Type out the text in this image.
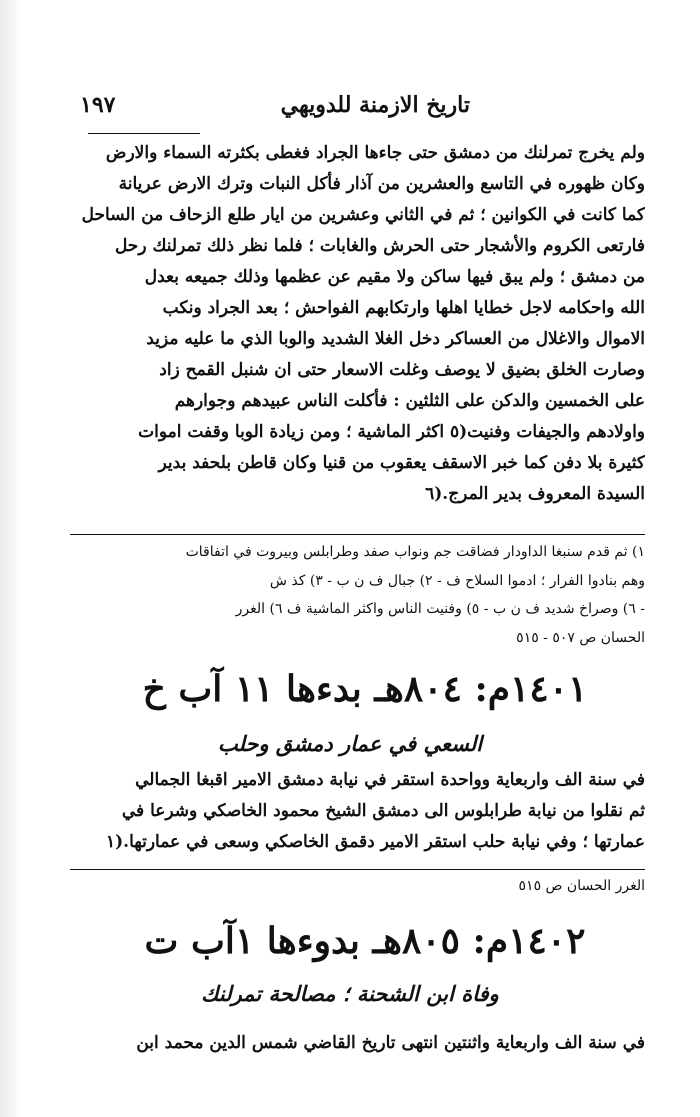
تاريخ الازمنة للدويهي
١٩٧
ولم يخرج تمرلنك من دمشق حتى جاءها الجراد فغطى بكثرته السماء والارض
وكان ظهوره في التاسع والعشرين من آذار فأكل النبات وترك الارض عريانة
كما كانت في الكوانين ؛ ثم في الثاني وعشرين من ايار طلع الزحاف من الساحل
فارتعى الكروم والأشجار حتى الحرش والغابات ؛ فلما نظر ذلك تمرلنك رحل
من دمشق ؛ ولم يبق فيها ساكن ولا مقيم عن عظمها وذلك جميعه بعدل
الله واحكامه لاجل خطايا اهلها وارتكابهم الفواحش ؛ بعد الجراد ونكب
الاموال والاغلال من العساكر دخل الغلا الشديد والوبا الذي ما عليه مزيد
وصارت الخلق بضيق لا يوصف وغلت الاسعار حتى ان شنبل القمح زاد
على الخمسين والدكن على الثلثين : فأكلت الناس عبيدهم وجوارهم
واولادهم والجيفات وفنيت(٥ اكثر الماشية ؛ ومن زيادة الوبا وقفت اموات
كثيرة بلا دفن كما خبر الاسقف يعقوب من قنيا وكان قاطن بلحفد بدير
السيدة المعروف بدير المرج.(٦
١) ثم قدم سنبغا الداودار فضاقت جم ونواب صفد وطرابلس وبيروت في اتفاقات
وهم بنادوا الفرار ؛ ادموا السلاح ف - ٢) جبال ف ن ب - ٣) كذ ش
- ٦) وصراخ شديد ف ن ب - ٥) وفنيت الناس واكثر الماشية ف ٦) الغرر
الحسان ص ٥٠٧ - ٥١٥
١٤٠١م: ٨٠٤هـ بدءها ١١ آب خ
السعي في عمار دمشق وحلب
في سنة الف واربعاية وواحدة استقر في نيابة دمشق الامير اقبغا الجمالي
ثم نقلوا من نيابة طرابلوس الى دمشق الشيخ محمود الخاصكي وشرعا في
عمارتها ؛ وفي نيابة حلب استقر الامير دقمق الخاصكي وسعى في عمارتها.(١
الغرر الحسان ص ٥١٥
١٤٠٢م: ٨٠٥هـ بدوءها ١آب ت
وفاة ابن الشحنة ؛ مصالحة تمرلنك
في سنة الف واربعاية واثنتين انتهى تاريخ القاضي شمس الدين محمد ابن
